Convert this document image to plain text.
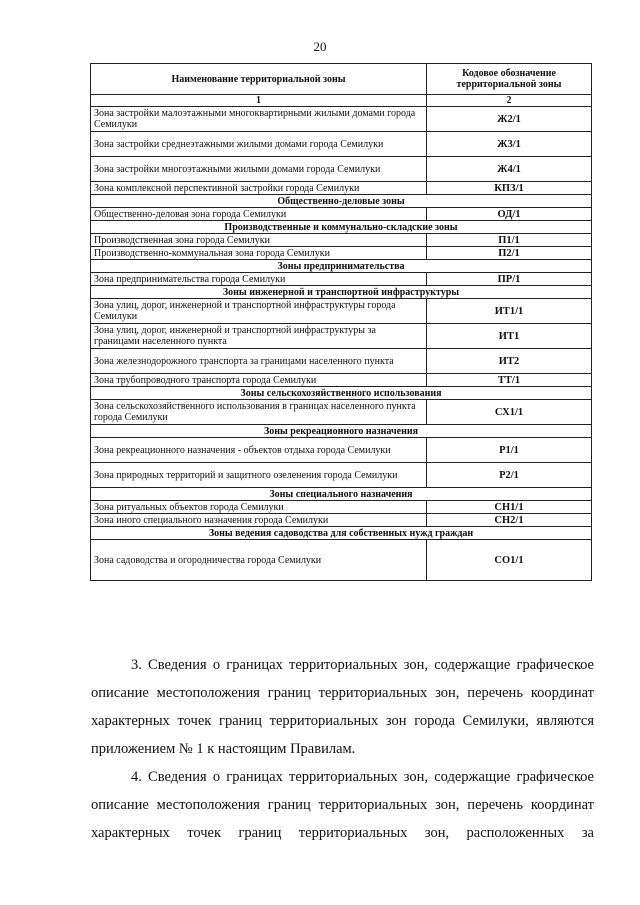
20
Наименование территориальной зоны	Кодовое обозначение территориальной зоны
1	2
Зона застройки малоэтажными многоквартирными жилыми домами города Семилуки	Ж2/1
Зона застройки среднеэтажными жилыми домами города Семилуки	Ж3/1
Зона застройки многоэтажными жилыми домами города Семилуки	Ж4/1
Зона комплексной перспективной застройки города Семилуки	КПЗ/1
Общественно-деловые зоны	
Общественно-деловая зона города Семилуки	ОД/1
Производственные и коммунально-складские зоны	
Производственная зона города Семилуки	П1/1
Производственно-коммунальная зона города Семилуки	П2/1
Зоны предпринимательства	
Зона предпринимательства города Семилуки	ПР/1
Зоны инженерной и транспортной инфраструктуры	
Зона улиц, дорог, инженерной и транспортной инфраструктуры города Семилуки	ИТ1/1
Зона улиц, дорог, инженерной и транспортной инфраструктуры за границами населенного пункта	ИТ1
Зона железнодорожного транспорта за границами населенного пункта	ИТ2
Зона трубопроводного транспорта города Семилуки	ТТ/1
Зоны сельскохозяйственного использования	
Зона сельскохозяйственного использования в границах населенного пункта города Семилуки	СХ1/1
Зоны рекреационного назначения	
Зона рекреационного назначения - объектов отдыха города Семилуки	Р1/1
Зона природных территорий и защитного озеленения города Семилуки	Р2/1
Зоны специального назначения	
Зона ритуальных объектов города Семилуки	СН1/1
Зона иного специального назначения города Семилуки	СН2/1
Зоны ведения садоводства для собственных нужд граждан	
Зона садоводства и огородничества города Семилуки	СО1/1

3. Сведения о границах территориальных зон, содержащие графическое описание местоположения границ территориальных зон, перечень координат характерных точек границ территориальных зон города Семилуки, являются приложением № 1 к настоящим Правилам.

4. Сведения о границах территориальных зон, содержащие графическое описание местоположения границ территориальных зон, перечень координат характерных точек границ территориальных зон, расположенных за
